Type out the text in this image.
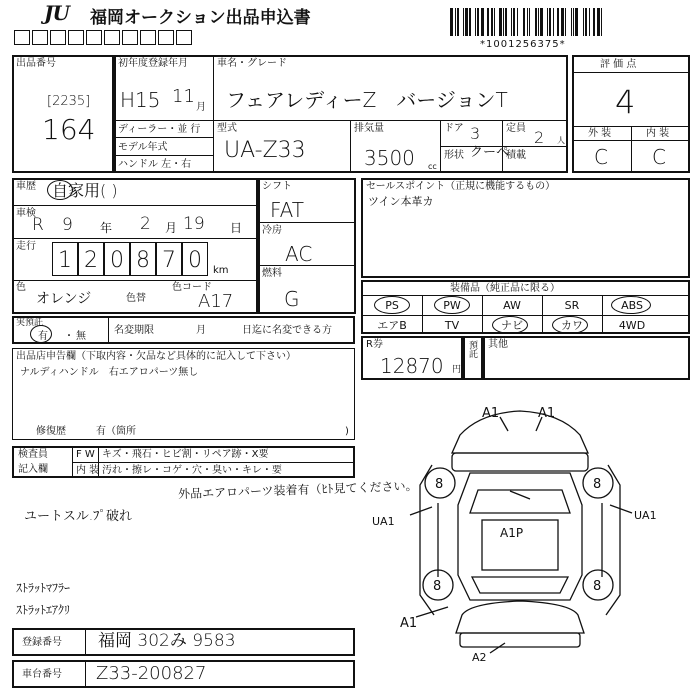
JU 福岡オークション出品申込書
*1001256375*
出品番号
[2235]
164
初年度登録年月
H15 11
月
ディーラー・並 行
モデル年式
ハンドル 左・右
車名・グレード
フェアレディーZ　バージョンT
型式
UA-Z33
排気量
3500 cc
ドア 3
形状 クーペ
定員 2 人
積載
評 価 点
4
外 装	内 装
C C
車歴 自家用( )
車検
R 9 年 2 月 19 日
走行
1 2 0 8 7 0 km
色
オレンジ	色替
色コード
A17
シフト
FAT
冷房
AC
燃料
G
セールスポイント（正規に機能するもの）
ツイン本革カ
装備品（純正品に限る）
PS	PW	AW	SR	ABS
エアB	TV	ナビ	カワ	4WD
R券
12870 円
預託 其他
実預託
有 ・ 無
名変期限	月	日迄に名変できる方
出品店申告欄（下取内容・欠品など具体的に記入して下さい）
ナルディハンドル　右エアロパーツ無し
修復歴	有（箇所	)
検査員
記入欄
F W キズ・飛石・ヒビ割・リペア跡・X要
内 装 汚れ・擦レ・コゲ・穴・臭い・キレ・要
外品エアロパーツ装着有（ﾋﾄ見てください。
ユートスル.ﾌﾟ破れ
ｽﾄﾗｯﾄﾏﾌﾗｰ
ｽﾄﾗｯﾄｴｱｸﾘ
A1	A1
UA1	UA1
A1P
A1
A2
8	8
8	8
登録番号 福岡 302み 9583
車台番号 Z33-200827
